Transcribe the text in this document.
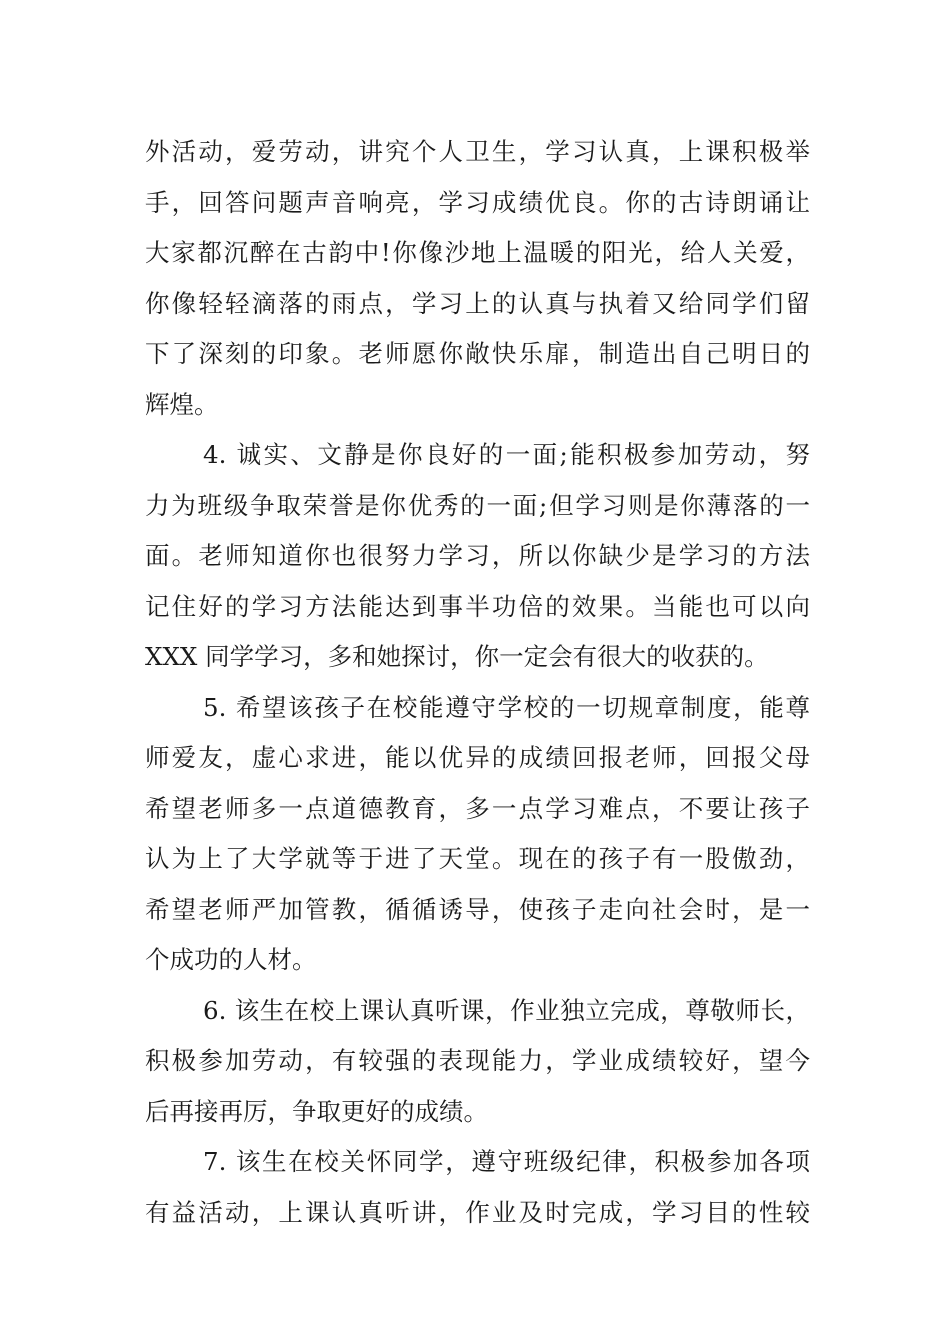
外活动，爱劳动，讲究个人卫生，学习认真，上课积极举
手，回答问题声音响亮，学习成绩优良。你的古诗朗诵让
大家都沉醉在古韵中!你像沙地上温暖的阳光，给人关爱，
你像轻轻滴落的雨点，学习上的认真与执着又给同学们留
下了深刻的印象。老师愿你敞快乐扉，制造出自己明日的
辉煌。
4. 诚实、文静是你良好的一面;能积极参加劳动，努
力为班级争取荣誉是你优秀的一面;但学习则是你薄落的一
面。老师知道你也很努力学习，所以你缺少是学习的方法
记住好的学习方法能达到事半功倍的效果。当能也可以向
XXX 同学学习，多和她探讨，你一定会有很大的收获的。
5. 希望该孩子在校能遵守学校的一切规章制度，能尊
师爱友，虚心求进，能以优异的成绩回报老师，回报父母
希望老师多一点道德教育，多一点学习难点，不要让孩子
认为上了大学就等于进了天堂。现在的孩子有一股傲劲，
希望老师严加管教，循循诱导，使孩子走向社会时，是一
个成功的人材。
6. 该生在校上课认真听课，作业独立完成，尊敬师长，
积极参加劳动，有较强的表现能力，学业成绩较好，望今
后再接再厉，争取更好的成绩。
7. 该生在校关怀同学，遵守班级纪律，积极参加各项
有益活动，上课认真听讲，作业及时完成，学习目的性较
